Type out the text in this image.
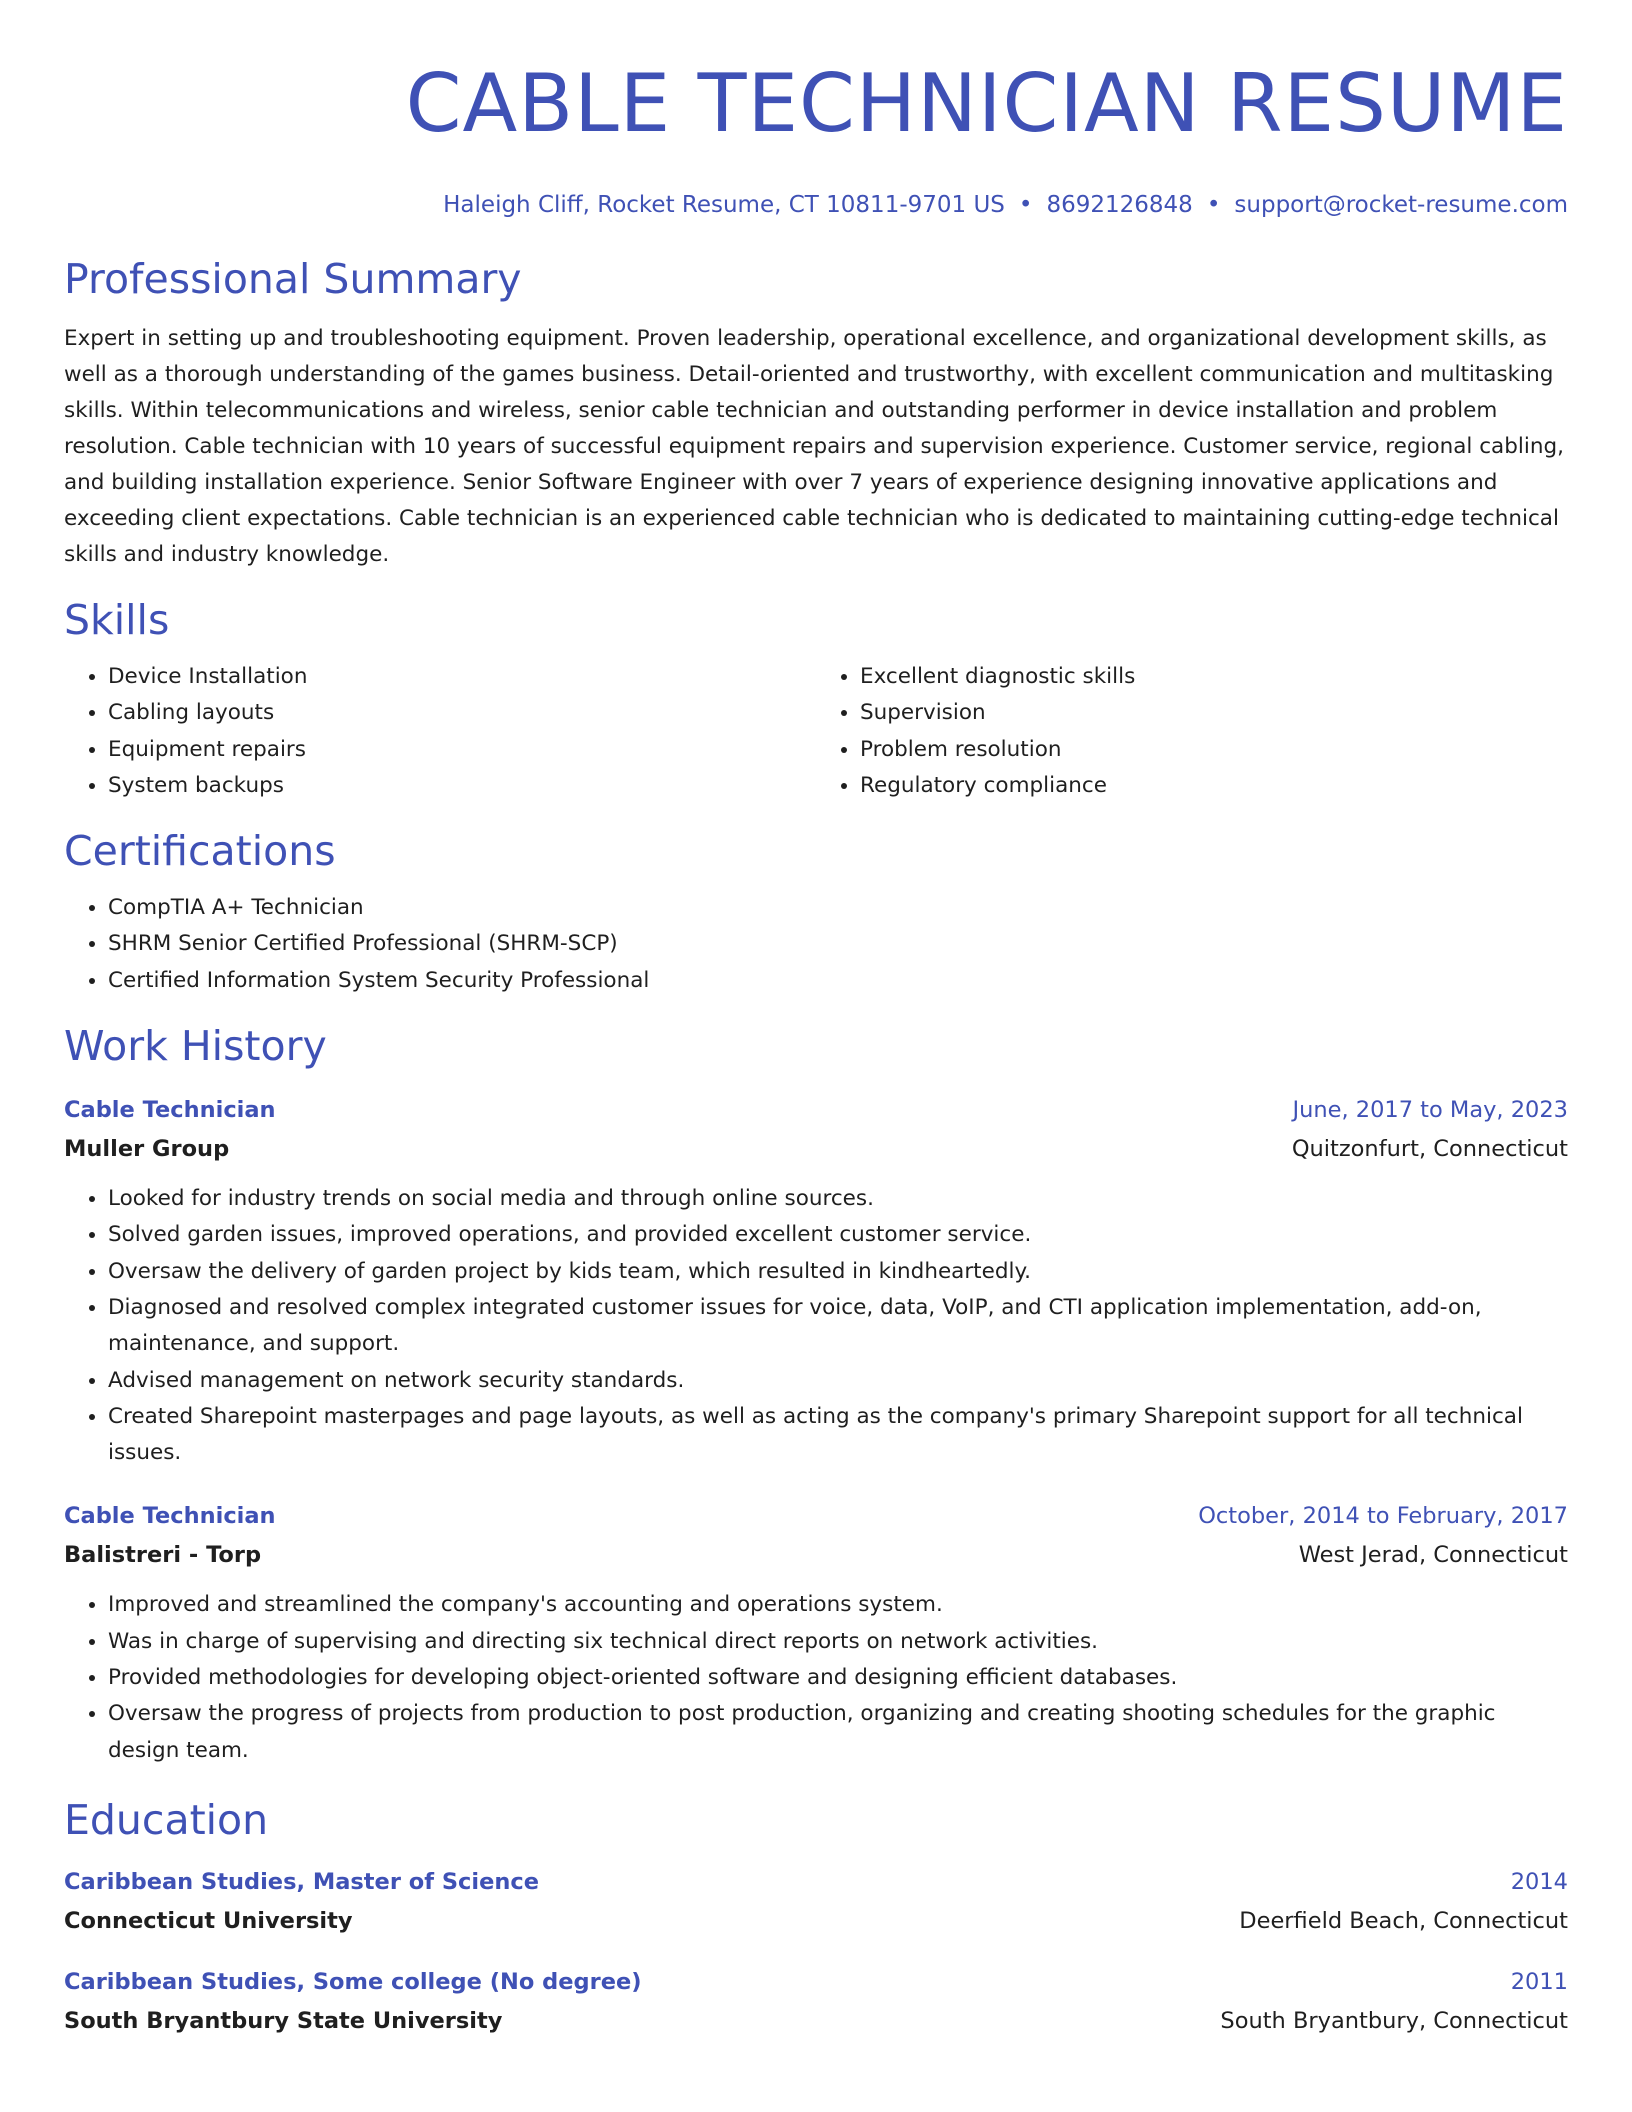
CABLE TECHNICIAN RESUME
Haleigh Cliff, Rocket Resume, CT 10811-9701 US • 8692126848 • support@rocket-resume.com
Professional Summary
Expert in setting up and troubleshooting equipment. Proven leadership, operational excellence, and organizational development skills, as well as a thorough understanding of the games business. Detail-oriented and trustworthy, with excellent communication and multitasking skills. Within telecommunications and wireless, senior cable technician and outstanding performer in device installation and problem resolution. Cable technician with 10 years of successful equipment repairs and supervision experience. Customer service, regional cabling, and building installation experience. Senior Software Engineer with over 7 years of experience designing innovative applications and exceeding client expectations. Cable technician is an experienced cable technician who is dedicated to maintaining cutting-edge technical skills and industry knowledge.
Skills
• Device Installation
• Cabling layouts
• Equipment repairs
• System backups
• Excellent diagnostic skills
• Supervision
• Problem resolution
• Regulatory compliance
Certifications
• CompTIA A+ Technician
• SHRM Senior Certified Professional (SHRM-SCP)
• Certified Information System Security Professional
Work History
Cable Technician	June, 2017 to May, 2023
Muller Group	Quitzonfurt, Connecticut
• Looked for industry trends on social media and through online sources.
• Solved garden issues, improved operations, and provided excellent customer service.
• Oversaw the delivery of garden project by kids team, which resulted in kindheartedly.
• Diagnosed and resolved complex integrated customer issues for voice, data, VoIP, and CTI application implementation, add-on, maintenance, and support.
• Advised management on network security standards.
• Created Sharepoint masterpages and page layouts, as well as acting as the company's primary Sharepoint support for all technical issues.
Cable Technician	October, 2014 to February, 2017
Balistreri - Torp	West Jerad, Connecticut
• Improved and streamlined the company's accounting and operations system.
• Was in charge of supervising and directing six technical direct reports on network activities.
• Provided methodologies for developing object-oriented software and designing efficient databases.
• Oversaw the progress of projects from production to post production, organizing and creating shooting schedules for the graphic design team.
Education
Caribbean Studies, Master of Science	2014
Connecticut University	Deerfield Beach, Connecticut
Caribbean Studies, Some college (No degree)	2011
South Bryantbury State University	South Bryantbury, Connecticut
